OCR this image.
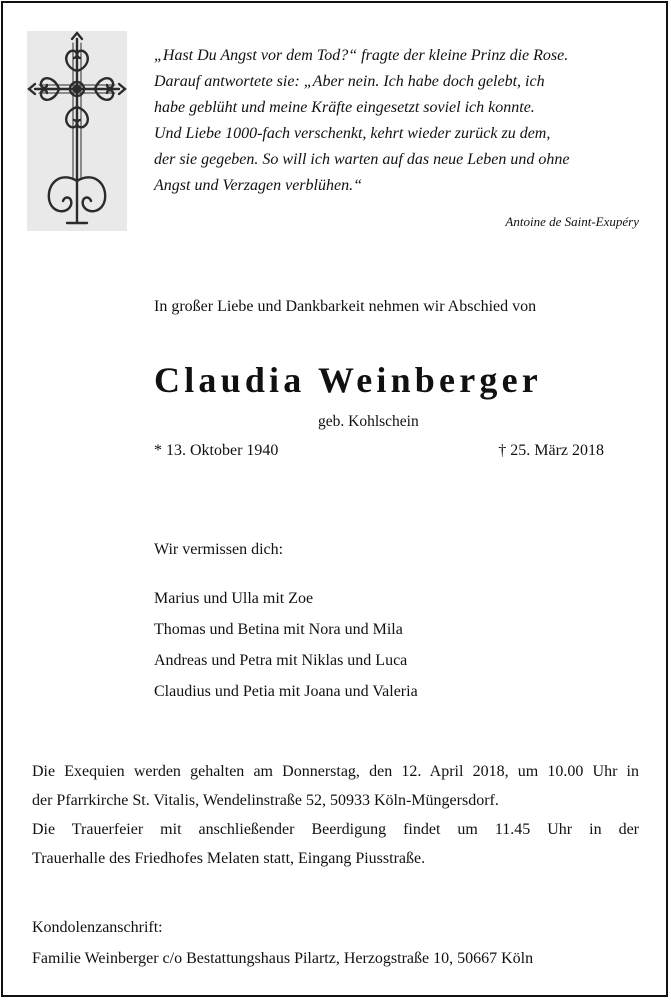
„Hast Du Angst vor dem Tod?“ fragte der kleine Prinz die Rose.

Darauf antwortete sie: „Aber nein. Ich habe doch gelebt, ich

habe geblüht und meine Kräfte eingesetzt soviel ich konnte.

Und Liebe 1000-fach verschenkt, kehrt wieder zurück zu dem,

der sie gegeben. So will ich warten auf das neue Leben und ohne

Angst und Verzagen verblühen.“

Antoine de Saint-Exupéry
In großer Liebe und Dankbarkeit nehmen wir Abschied von
Claudia Weinberger
geb. Kohlschein
* 13. Oktober 1940	† 25. März 2018
Wir vermissen dich:
Marius und Ulla mit Zoe
Thomas und Betina mit Nora und Mila
Andreas und Petra mit Niklas und Luca
Claudius und Petia mit Joana und Valeria
Die Exequien werden gehalten am Donnerstag, den 12. April 2018, um 10.00 Uhr in
der Pfarrkirche St. Vitalis, Wendelinstraße 52, 50933 Köln-Müngersdorf.
Die Trauerfeier mit anschließender Beerdigung findet um 11.45 Uhr in der
Trauerhalle des Friedhofes Melaten statt, Eingang Piusstraße.
Kondolenzanschrift:
Familie Weinberger c/o Bestattungshaus Pilartz, Herzogstraße 10, 50667 Köln
